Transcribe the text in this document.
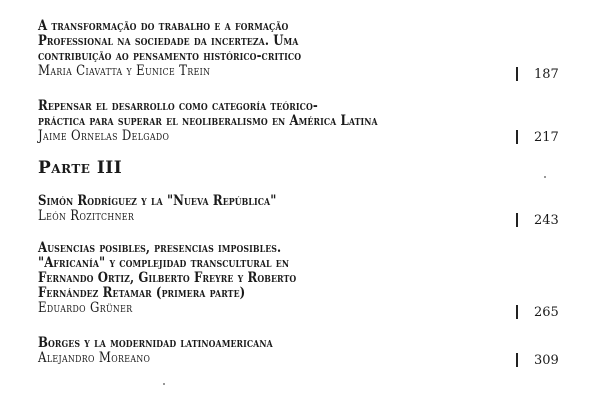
A transformação do trabalho e a formação
Professional na sociedade da incerteza. Uma
contribuição ao pensamento histórico-critico
Maria Ciavatta y Eunice Trein	187
Repensar el desarrollo como categoría teórico-
práctica para superar el neoliberalismo en América Latina
Jaime Ornelas Delgado	217
Parte III
Simón Rodríguez y la "Nueva República"
León Rozitchner	243
Ausencias posibles, presencias imposibles.
"Africanía" y complejidad transcultural en
Fernando Ortiz, Gilberto Freyre y Roberto
Fernández Retamar (primera parte)
Eduardo Grüner	265
Borges y la modernidad latinoamericana
Alejandro Moreano	309
